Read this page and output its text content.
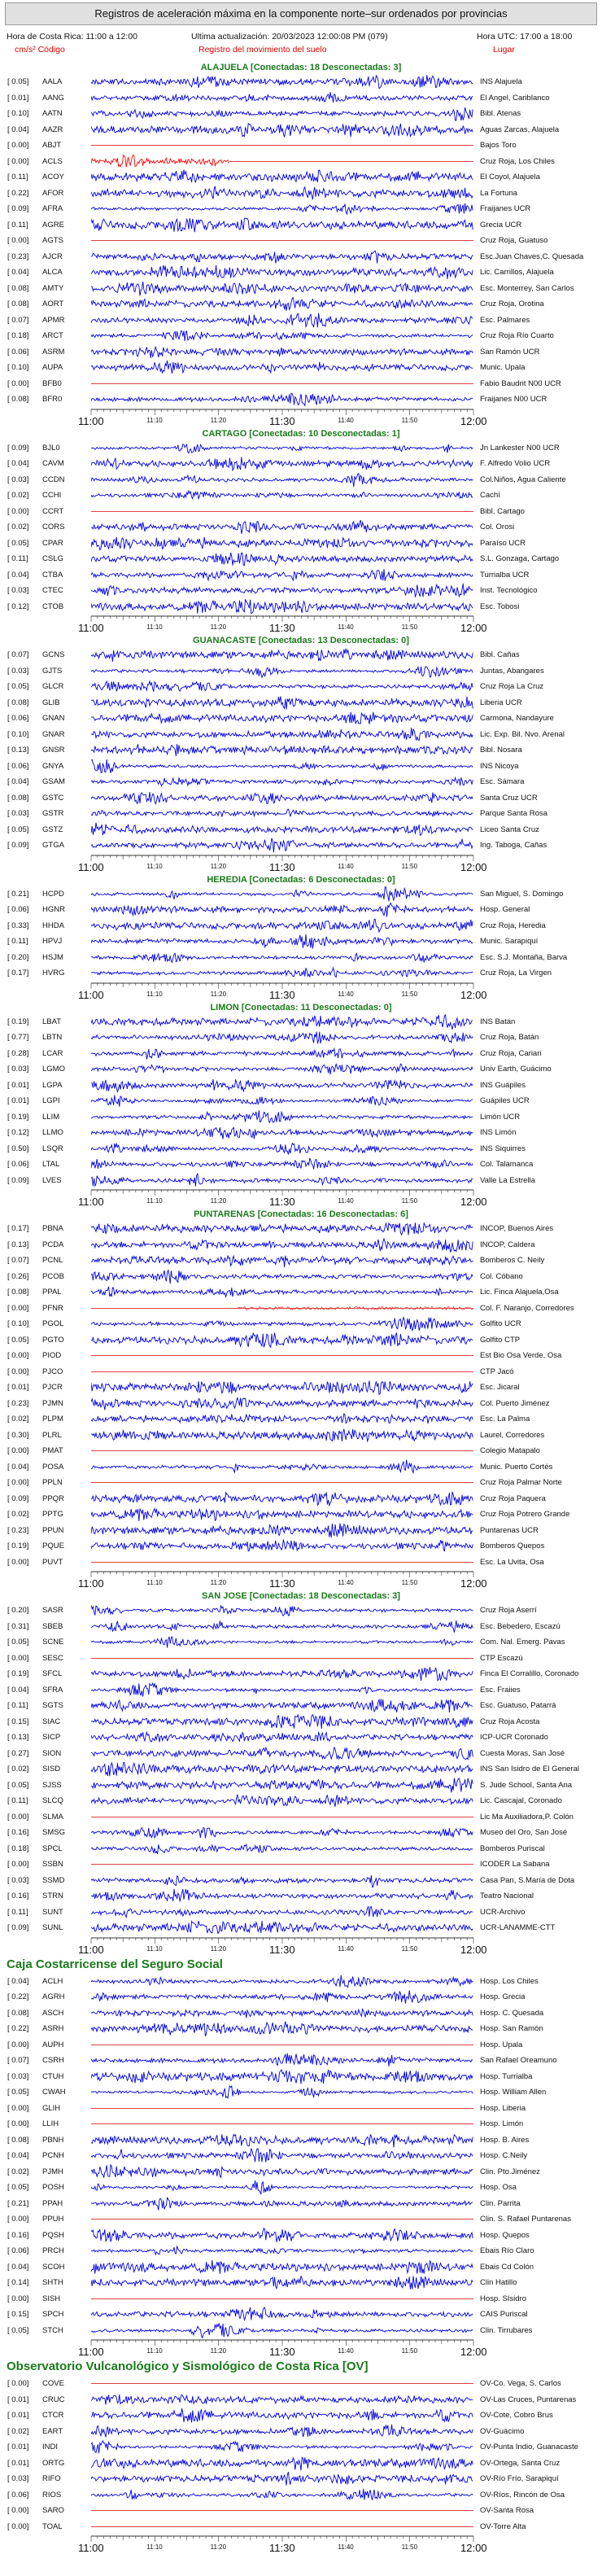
Registros de aceleración máxima en la componente norte–sur ordenados por provincias
Hora de Costa Rica: 11:00 a 12:00	Ultima actualización: 20/03/2023 12:00:08 PM (079)	Hora UTC: 17:00 a 18:00
cm/s² Código	Registro del movimiento del suelo	Lugar
ALAJUELA [Conectadas: 18 Desconectadas: 3]
[ 0.05] AALA	INS Alajuela
[ 0.01] AANG	El Angel, Cariblanco
[ 0.10] AATN	Bibl. Atenas
[ 0.04] AAZR	Aguas Zarcas, Alajuela
[ 0.00] ABJT	Bajos Toro
[ 0.00] ACLS	Cruz Roja, Los Chiles
[ 0.11] ACOY	El Coyol, Alajuela
[ 0.22] AFOR	La Fortuna
[ 0.09] AFRA	Fraijanes UCR
[ 0.11] AGRE	Grecia UCR
[ 0.00] AGTS	Cruz Roja, Guatuso
[ 0.23] AJCR	Esc.Juan Chaves,C. Quesada
[ 0.04] ALCA	Lic. Carrillos, Alajuela
[ 0.08] AMTY	Esc. Monterrey, San Carlos
[ 0.08] AORT	Cruz Roja, Orotina
[ 0.07] APMR	Esc. Palmares
[ 0.18] ARCT	Cruz Roja Río Cuarto
[ 0.06] ASRM	San Ramón UCR
[ 0.10] AUPA	Munic. Upala
[ 0.00] BFB0	Fabio Baudrit N00 UCR
[ 0.08] BFR0	Fraijanes N00 UCR
11:00	11:30	12:00
11:10	11:20	11:40	11:50
CARTAGO [Conectadas: 10 Desconectadas: 1]
[ 0.09] BJL0	Jn Lankester N00 UCR
[ 0.04] CAVM	F. Alfredo Volio UCR
[ 0.03] CCDN	Col.Niños, Agua Caliente
[ 0.02] CCHI	Cachí
[ 0.00] CCRT	Bibl. Cartago
[ 0.02] CORS	Col. Orosi
[ 0.05] CPAR	Paraíso UCR
[ 0.11] CSLG	S.L. Gonzaga, Cartago
[ 0.04] CTBA	Turrialba UCR
[ 0.03] CTEC	Inst. Tecnológico
[ 0.12] CTOB	Esc. Tobosi
11:00	11:30	12:00
11:10	11:20	11:40	11:50
GUANACASTE [Conectadas: 13 Desconectadas: 0]
[ 0.07] GCNS	Bibl. Cañas
[ 0.03] GJTS	Juntas, Abangares
[ 0.05] GLCR	Cruz Roja La Cruz
[ 0.08] GLIB	Liberia UCR
[ 0.06] GNAN	Carmona, Nandayure
[ 0.10] GNAR	Lic. Exp. Bil. Nvo. Arenal
[ 0.13] GNSR	Bibl. Nosara
[ 0.06] GNYA	INS Nicoya
[ 0.04] GSAM	Esc. Sámara
[ 0.08] GSTC	Santa Cruz UCR
[ 0.03] GSTR	Parque Santa Rosa
[ 0.05] GSTZ	Liceo Santa Cruz
[ 0.09] GTGA	Ing. Taboga, Cañas
11:00	11:30	12:00
11:10	11:20	11:40	11:50
HEREDIA [Conectadas: 6 Desconectadas: 0]
[ 0.21] HCPD	San Miguel, S. Domingo
[ 0.06] HGNR	Hosp. General
[ 0.33] HHDA	Cruz Roja, Heredia
[ 0.11] HPVJ	Munic. Sarapiquí
[ 0.20] HSJM	Esc. S.J. Montaña, Barva
[ 0.17] HVRG	Cruz Roja, La Virgen
11:00	11:30	12:00
11:10	11:20	11:40	11:50
LIMON [Conectadas: 11 Desconectadas: 0]
[ 0.19] LBAT	INS Batán
[ 0.77] LBTN	Cruz Roja, Batán
[ 0.28] LCAR	Cruz Roja, Cariari
[ 0.03] LGMO	Univ Earth, Guácimo
[ 0.01] LGPA	INS Guápiles
[ 0.01] LGPI	Guápiles UCR
[ 0.19] LLIM	Limón UCR
[ 0.12] LLMO	INS Limón
[ 0.50] LSQR	INS Siquirres
[ 0.06] LTAL	Col. Talamanca
[ 0.09] LVES	Valle La Estrella
11:00	11:30	12:00
11:10	11:20	11:40	11:50
PUNTARENAS [Conectadas: 16 Desconectadas: 6]
[ 0.17] PBNA	INCOP, Buenos Aires
[ 0.13] PCDA	INCOP, Caldera
[ 0.07] PCNL	Bomberos C. Neily
[ 0.26] PCOB	Col. Cóbano
[ 0.08] PPAL	Lic. Finca Alajuela,Osa
[ 0.00] PFNR	Col. F. Naranjo, Corredores
[ 0.10] PGOL	Golfito UCR
[ 0.05] PGTO	Golfito CTP
[ 0.00] PIOD	Est Bio Osa Verde, Osa
[ 0.00] PJCO	CTP Jacó
[ 0.01] PJCR	Esc. Jicaral
[ 0.23] PJMN	Col. Puerto Jiménez
[ 0.02] PLPM	Esc. La Palma
[ 0.30] PLRL	Laurel, Corredores
[ 0.00] PMAT	Colegio Matapalo
[ 0.04] POSA	Munic. Puerto Cortés
[ 0.00] PPLN	Cruz Roja Palmar Norte
[ 0.09] PPQR	Cruz Roja Paquera
[ 0.02] PPTG	Cruz Roja Potrero Grande
[ 0.23] PPUN	Puntarenas UCR
[ 0.19] PQUE	Bomberos Quepos
[ 0.00] PUVT	Esc. La Uvita, Osa
11:00	11:30	12:00
11:10	11:20	11:40	11:50
SAN JOSE [Conectadas: 18 Desconectadas: 3]
[ 0.20] SASR	Cruz Roja Aserrí
[ 0.31] SBEB	Esc. Bebedero, Escazú
[ 0.05] SCNE	Com. Nal. Emerg. Pavas
[ 0.00] SESC	CTP Escazú
[ 0.19] SFCL	Finca El Corralillo, Coronado
[ 0.04] SFRA	Esc. Fraiies
[ 0.11] SGTS	Esc. Guatuso, Patarrá
[ 0.15] SIAC	Cruz Roja Acosta
[ 0.13] SICP	ICP-UCR Coronado
[ 0.27] SION	Cuesta Moras, San José
[ 0.02] SISD	INS San Isidro de El General
[ 0.05] SJSS	S. Jude School, Santa Ana
[ 0.11] SLCQ	Lic. Cascajal, Coronado
[ 0.00] SLMA	Lic Ma Auxiliadora,P. Colón
[ 0.16] SMSG	Museo del Oro, San José
[ 0.18] SPCL	Bomberos Puriscal
[ 0.00] SSBN	ICODER La Sabana
[ 0.03] SSMD	Casa Pan, S.María de Dota
[ 0.16] STRN	Teatro Nacional
[ 0.11] SUNT	UCR-Archivo
[ 0.09] SUNL	UCR-LANAMME-CTT
11:00	11:30	12:00
11:10	11:20	11:40	11:50
Caja Costarricense del Seguro Social
[ 0.04] ACLH	Hosp. Los Chiles
[ 0.22] AGRH	Hosp. Grecia
[ 0.08] ASCH	Hosp. C. Quesada
[ 0.22] ASRH	Hosp. San Ramón
[ 0.00] AUPH	Hosp. Upala
[ 0.07] CSRH	San Rafael Oreamuno
[ 0.03] CTUH	Hosp. Turrialba
[ 0.05] CWAH	Hosp. William Allen
[ 0.00] GLIH	Hosp. Liberia
[ 0.00] LLIH	Hosp. Limón
[ 0.08] PBNH	Hosp. B. Aires
[ 0.04] PCNH	Hosp. C.Neily
[ 0.02] PJMH	Clin. Pto.Jiménez
[ 0.05] POSH	Hosp. Osa
[ 0.21] PPAH	Clin. Parrita
[ 0.00] PPUH	Clin. S. Rafael Puntarenas
[ 0.16] PQSH	Hosp. Quepos
[ 0.06] PRCH	Ebais Río Claro
[ 0.04] SCOH	Ebais Cd Colón
[ 0.14] SHTH	Clin Hatillo
[ 0.00] SISH	Hosp. SIsidro
[ 0.15] SPCH	CAIS Puriscal
[ 0.05] STCH	Clin. Tirrubares
11:00	11:30	12:00
11:10	11:20	11:40	11:50
Observatorio Vulcanológico y Sismológico de Costa Rica [OV]
[ 0.00] COVE	OV-Co. Vega, S. Carlos
[ 0.01] CRUC	OV-Las Cruces, Puntarenas
[ 0.01] CTCR	OV-Cote, Cobro Brus
[ 0.02] EART	OV-Guácimo
[ 0.01] INDI	OV-Punta Indio, Guanacaste
[ 0.01] ORTG	OV-Ortega, Santa Cruz
[ 0.03] RIFO	OV-Río Frío, Sarapiquí
[ 0.06] RIOS	OV-Ríos, Rincón de Osa
[ 0.00] SARO	OV-Santa Rosa
[ 0.00] TOAL	OV-Torre Alta
11:00	11:30	12:00
11:10	11:20	11:40	11:50
